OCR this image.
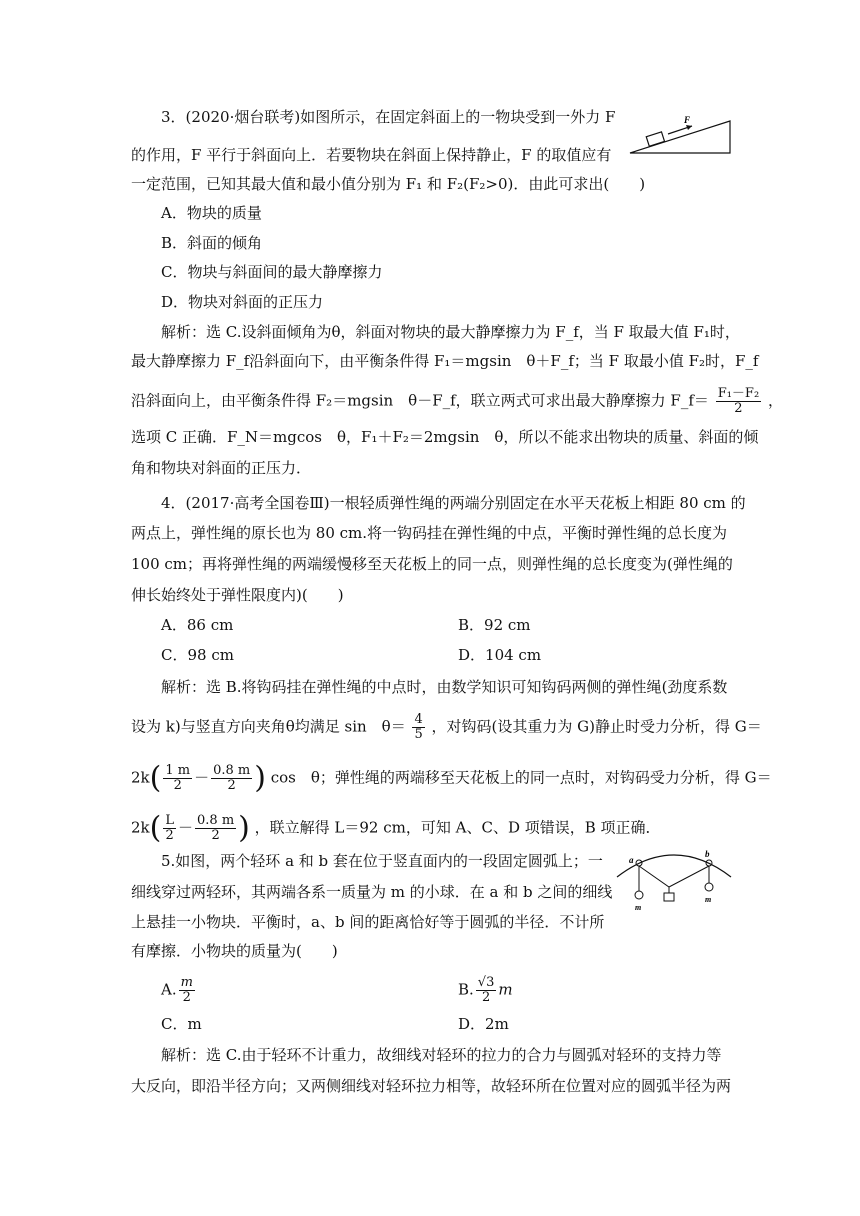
3．(2020·烟台联考)如图所示，在固定斜面上的一物块受到一外力 F
的作用，F 平行于斜面向上．若要物块在斜面上保持静止，F 的取值应有
一定范围，已知其最大值和最小值分别为 F₁ 和 F₂(F₂>0)．由此可求出(　　)
A．物块的质量
B．斜面的倾角
C．物块与斜面间的最大静摩擦力
D．物块对斜面的正压力
F
解析：选 C.设斜面倾角为θ，斜面对物块的最大静摩擦力为 F_f，当 F 取最大值 F₁时，
最大静摩擦力 F_f沿斜面向下，由平衡条件得 F₁＝mgsin　θ＋F_f；当 F 取最小值 F₂时，F_f
沿斜面向上，由平衡条件得 F₂＝mgsin　θ－F_f，联立两式可求出最大静摩擦力 F_f＝ $\frac{\text{F₁－F₂}}{2}$ ，
选项 C 正确．F_N＝mgcos　θ，F₁＋F₂＝2mgsin　θ，所以不能求出物块的质量、斜面的倾
角和物块对斜面的正压力．
4．(2017·高考全国卷Ⅲ)一根轻质弹性绳的两端分别固定在水平天花板上相距 80 cm 的
两点上，弹性绳的原长也为 80 cm.将一钩码挂在弹性绳的中点，平衡时弹性绳的总长度为
100 cm；再将弹性绳的两端缓慢移至天花板上的同一点，则弹性绳的总长度变为(弹性绳的
伸长始终处于弹性限度内)(　　)
A．86 cm	B．92 cm
C．98 cm	D．104 cm
解析：选 B.将钩码挂在弹性绳的中点时，由数学知识可知钩码两侧的弹性绳(劲度系数
设为 k)与竖直方向夹角θ均满足 sin　$\theta= \frac{4}{5}$ ，对钩码(设其重力为 G)静止时受力分析，得 G＝
$2k( \frac{1 m}{2} - \frac{0.8 m}{2}$ ) cos　θ；弹性绳的两端移至天花板上的同一点时，对钩码受力分析，得 G＝
$2k( \frac{L}{2} - \frac{0.8 m}{2}$ ) ，联立解得 L＝92 cm，可知 A、C、D 项错误，B 项正确．
5.如图，两个轻环 a 和 b 套在位于竖直面内的一段固定圆弧上；一
细线穿过两轻环，其两端各系一质量为 m 的小球．在 a 和 b 之间的细线
上悬挂一小物块．平衡时，a、b 间的距离恰好等于圆弧的半径．不计所
有摩擦．小物块的质量为(　　)
a
b
m
m
A. $\frac{m}{2}$	B. $\frac{√3}{2}$ m
C．m	D．2m
解析：选 C.由于轻环不计重力，故细线对轻环的拉力的合力与圆弧对轻环的支持力等
大反向，即沿半径方向；又两侧细线对轻环拉力相等，故轻环所在位置对应的圆弧半径为两
